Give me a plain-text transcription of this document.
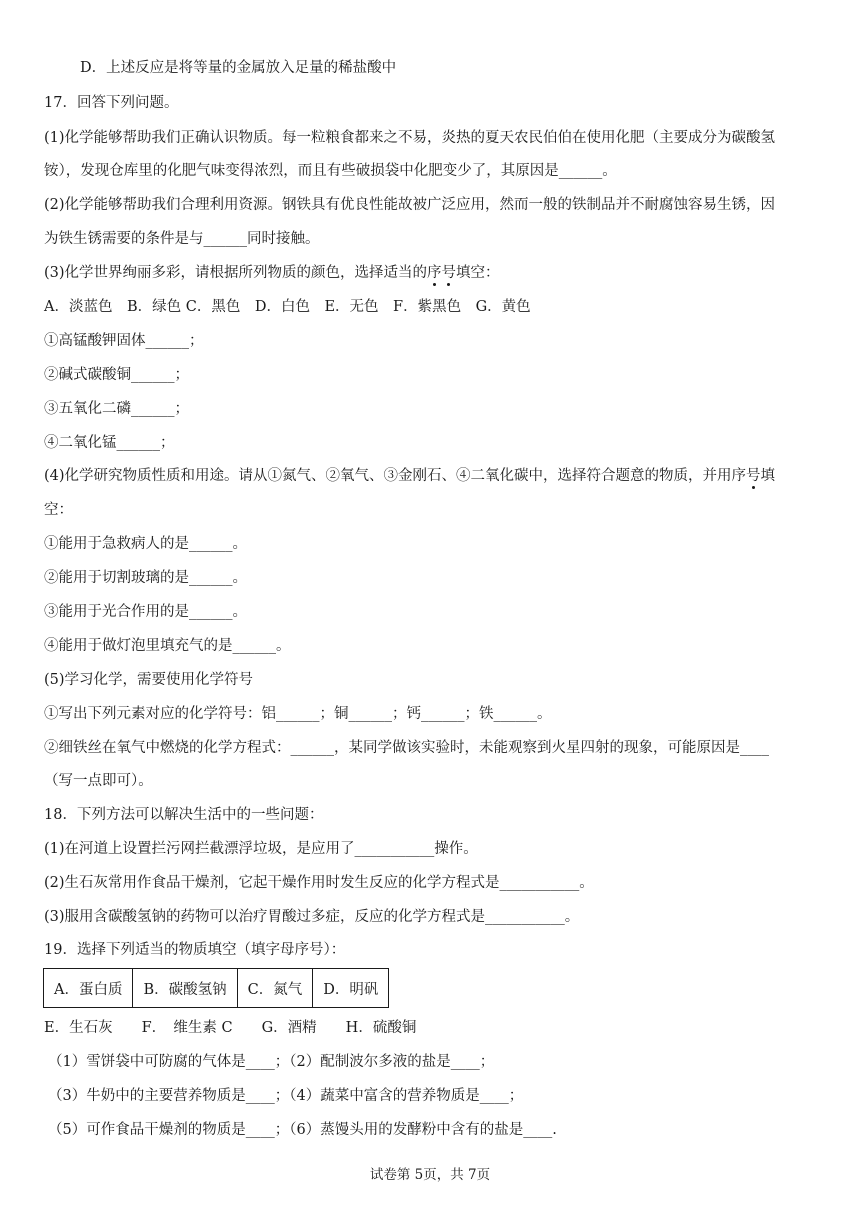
D．上述反应是将等量的金属放入足量的稀盐酸中
17．回答下列问题。
(1)化学能够帮助我们正确认识物质。每一粒粮食都来之不易，炎热的夏天农民伯伯在使用化肥（主要成分为碳酸氢
铵），发现仓库里的化肥气味变得浓烈，而且有些破损袋中化肥变少了，其原因是______。
(2)化学能够帮助我们合理利用资源。钢铁具有优良性能故被广泛应用，然而一般的铁制品并不耐腐蚀容易生锈，因
为铁生锈需要的条件是与______同时接触。
(3)化学世界绚丽多彩，请根据所列物质的颜色，选择适当的序号填空：
A．淡蓝色　B．绿色 C．黑色　D．白色　E．无色　F．紫黑色　G．黄色
①高锰酸钾固体______；
②碱式碳酸铜______；
③五氧化二磷______；
④二氧化锰______；
(4)化学研究物质性质和用途。请从①氮气、②氧气、③金刚石、④二氧化碳中，选择符合题意的物质，并用序号填
空：
①能用于急救病人的是______。
②能用于切割玻璃的是______。
③能用于光合作用的是______。
④能用于做灯泡里填充气的是______。
(5)学习化学，需要使用化学符号
①写出下列元素对应的化学符号：铝______；铜______；钙______；铁______。
②细铁丝在氧气中燃烧的化学方程式：______，某同学做该实验时，未能观察到火星四射的现象，可能原因是____
（写一点即可）。
18．下列方法可以解决生活中的一些问题：
(1)在河道上设置拦污网拦截漂浮垃圾，是应用了___________操作。
(2)生石灰常用作食品干燥剂，它起干燥作用时发生反应的化学方程式是___________。
(3)服用含碳酸氢钠的药物可以治疗胃酸过多症，反应的化学方程式是___________。
19．选择下列适当的物质填空（填字母序号）：
A．蛋白质	B．碳酸氢钠	C．氮气	D．明矾
E．生石灰　　F．　维生素 C　　G．酒精　　H．硫酸铜
（1）雪饼袋中可防腐的气体是____；（2）配制波尔多液的盐是____；
（3）牛奶中的主要营养物质是____；（4）蔬菜中富含的营养物质是____；
（5）可作食品干燥剂的物质是____；（6）蒸馒头用的发酵粉中含有的盐是____.
试卷第 5页，共 7页
